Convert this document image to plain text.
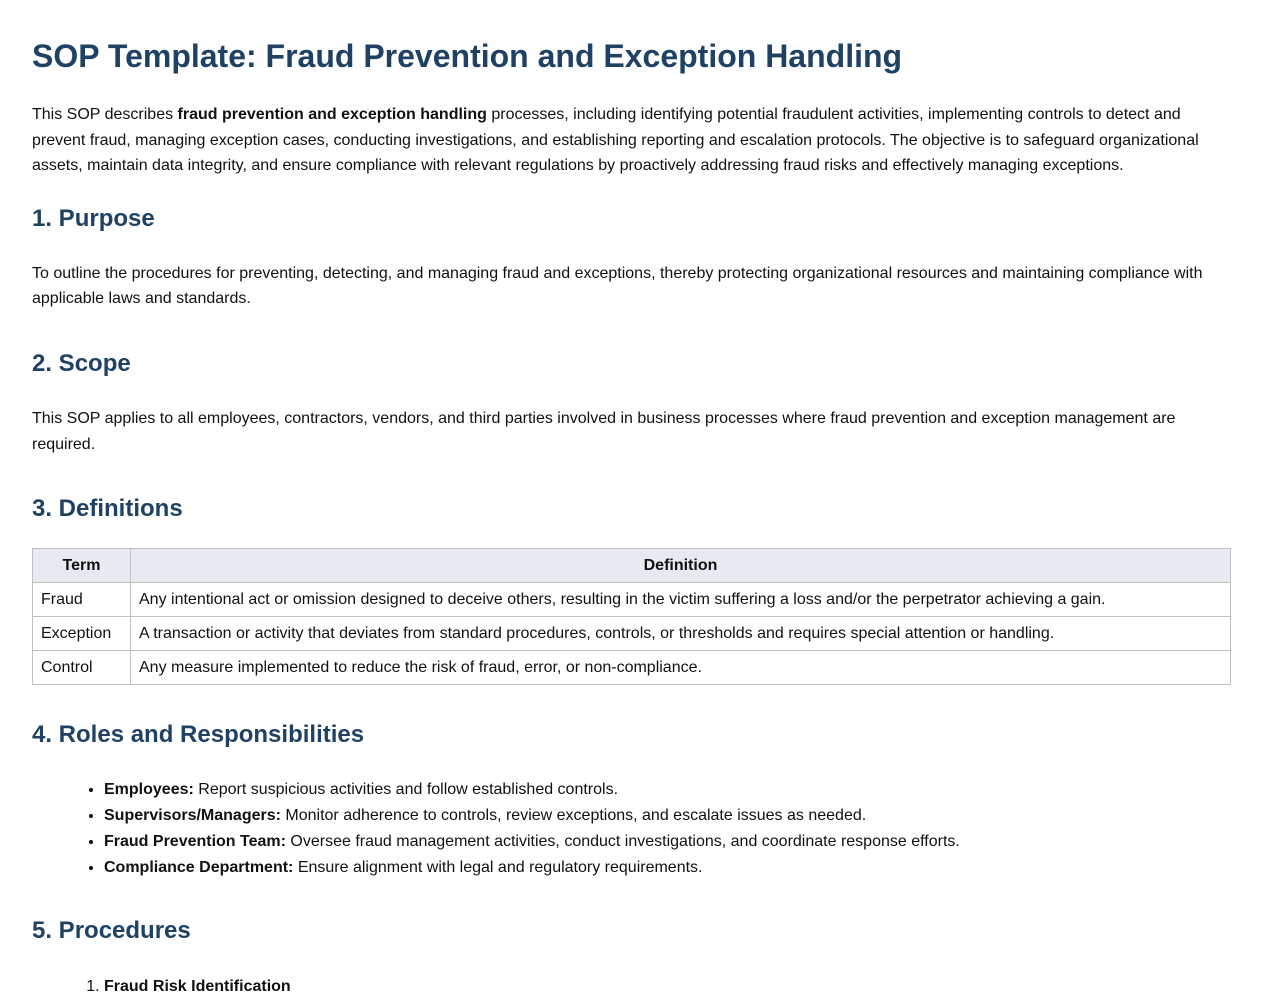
SOP Template: Fraud Prevention and Exception Handling

This SOP describes fraud prevention and exception handling processes, including identifying potential fraudulent activities, implementing controls to detect and prevent fraud, managing exception cases, conducting investigations, and establishing reporting and escalation protocols. The objective is to safeguard organizational assets, maintain data integrity, and ensure compliance with relevant regulations by proactively addressing fraud risks and effectively managing exceptions.

1. Purpose

To outline the procedures for preventing, detecting, and managing fraud and exceptions, thereby protecting organizational resources and maintaining compliance with applicable laws and standards.

2. Scope

This SOP applies to all employees, contractors, vendors, and third parties involved in business processes where fraud prevention and exception management are required.

3. Definitions
Term	Definition
Fraud	Any intentional act or omission designed to deceive others, resulting in the victim suffering a loss and/or the perpetrator achieving a gain.
Exception	A transaction or activity that deviates from standard procedures, controls, or thresholds and requires special attention or handling.
Control	Any measure implemented to reduce the risk of fraud, error, or non-compliance.
4. Roles and Responsibilities
• Employees: Report suspicious activities and follow established controls.
• Supervisors/Managers: Monitor adherence to controls, review exceptions, and escalate issues as needed.
• Fraud Prevention Team: Oversee fraud management activities, conduct investigations, and coordinate response efforts.
• Compliance Department: Ensure alignment with legal and regulatory requirements.
5. Procedures
1. Fraud Risk Identification
